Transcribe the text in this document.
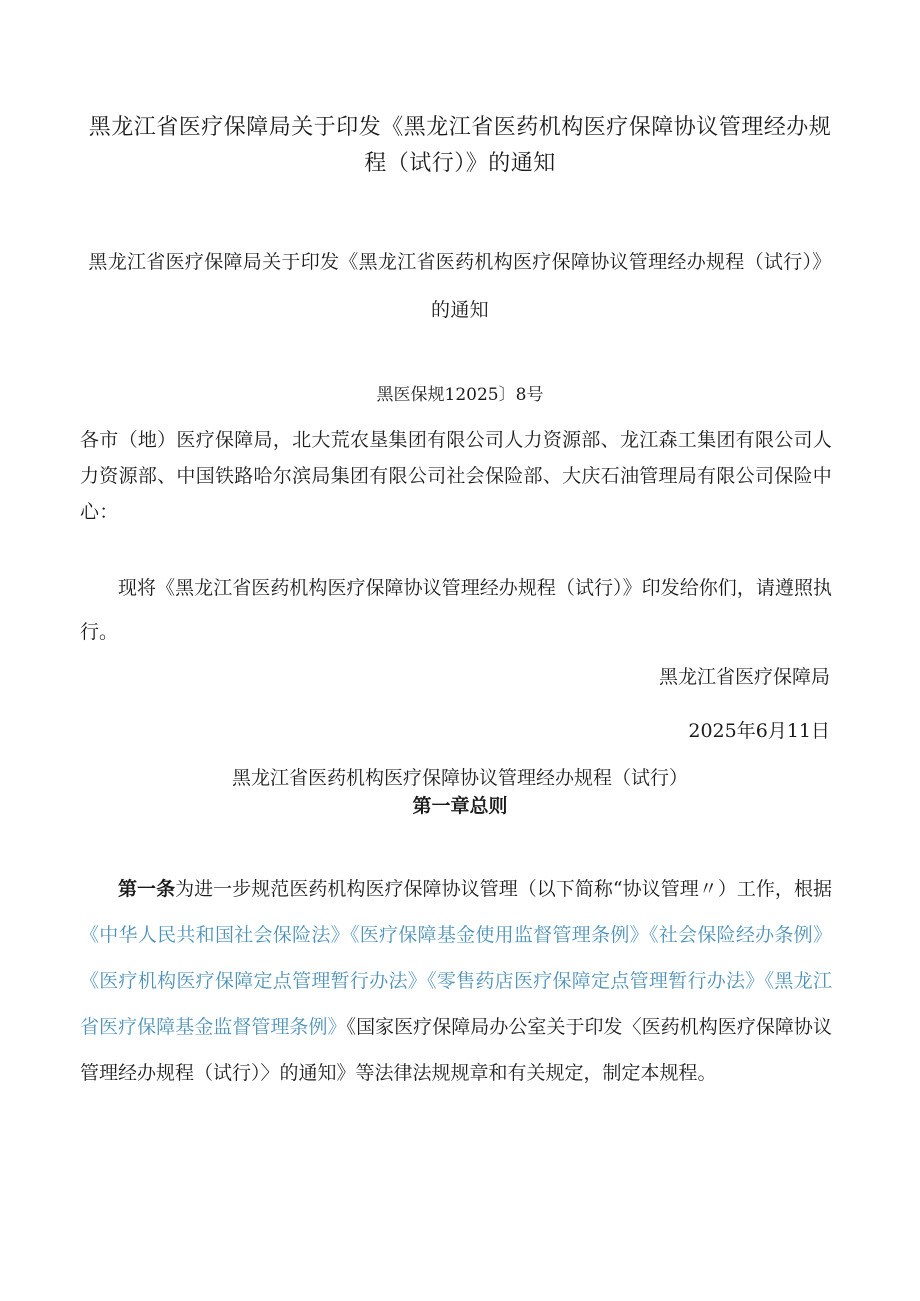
黑龙江省医疗保障局关于印发《黑龙江省医药机构医疗保障协议管理经办规程（试行）》的通知
黑龙江省医疗保障局关于印发《黑龙江省医药机构医疗保障协议管理经办规程（试行）》的通知
黑医保规12025〕8号
各市（地）医疗保障局，北大荒农垦集团有限公司人力资源部、龙江森工集团有限公司人力资源部、中国铁路哈尔滨局集团有限公司社会保险部、大庆石油管理局有限公司保险中心：
现将《黑龙江省医药机构医疗保障协议管理经办规程（试行）》印发给你们，请遵照执行。
黑龙江省医疗保障局
2025年6月11日
黑龙江省医药机构医疗保障协议管理经办规程（试行）
第一章总则
第一条为进一步规范医药机构医疗保障协议管理（以下简称“协议管理〃）工作，根据《中华人民共和国社会保险法》《医疗保障基金使用监督管理条例》《社会保险经办条例》《医疗机构医疗保障定点管理暂行办法》《零售药店医疗保障定点管理暂行办法》《黑龙江省医疗保障基金监督管理条例》《国家医疗保障局办公室关于印发〈医药机构医疗保障协议管理经办规程（试行）〉的通知》等法律法规规章和有关规定，制定本规程。
